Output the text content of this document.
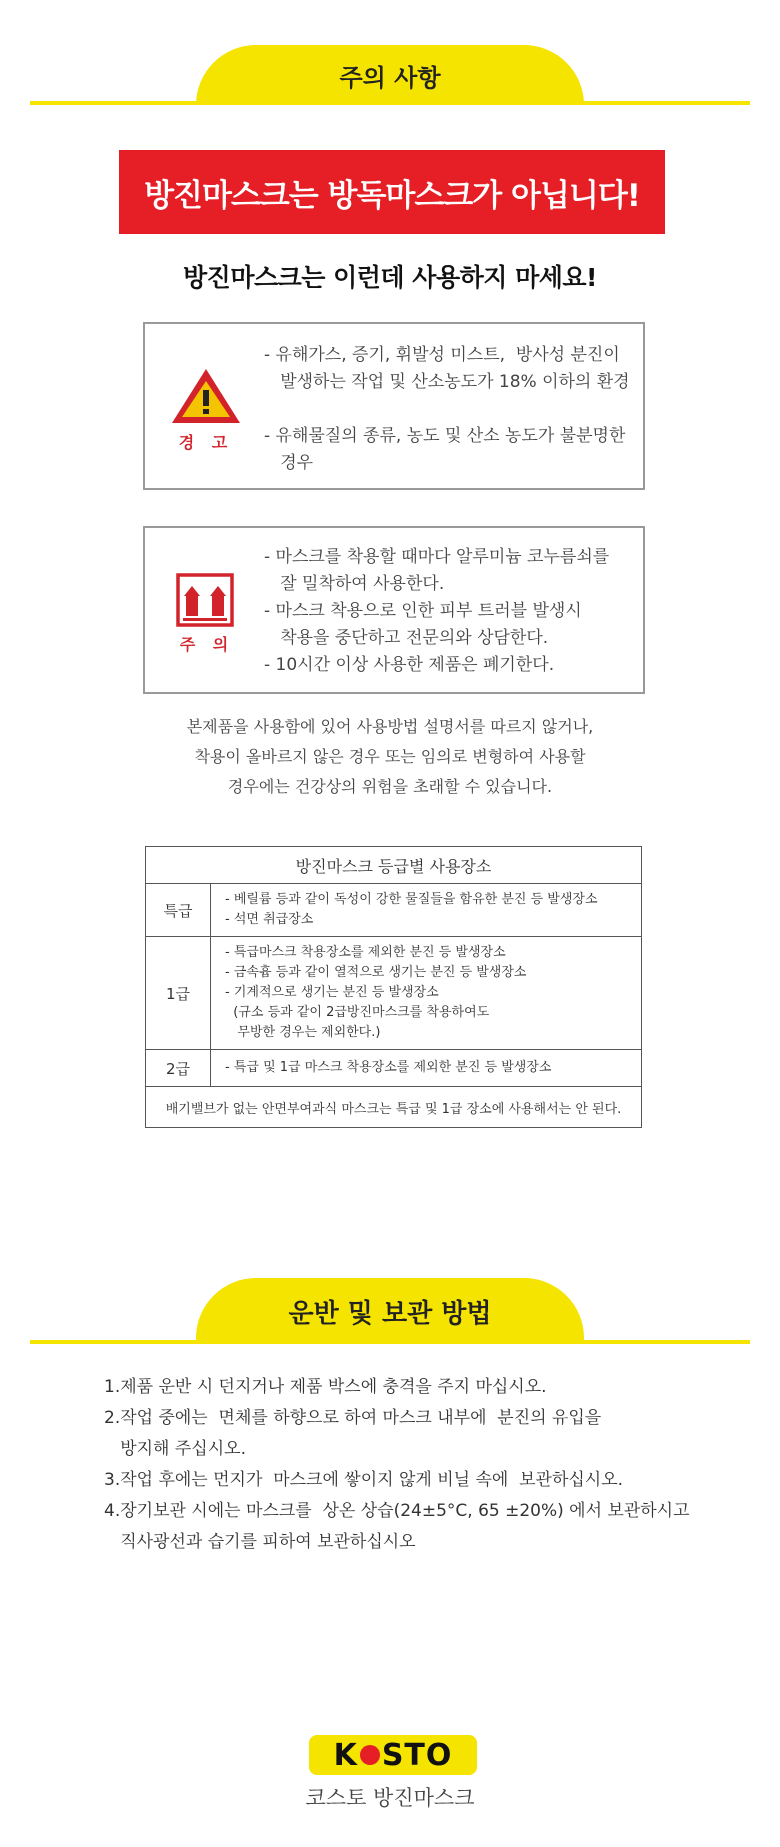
주의 사항
방진마스크는 방독마스크가 아닙니다!
방진마스크는 이런데 사용하지 마세요!
경 고
- 유해가스, 증기, 휘발성 미스트,  방사성 분진이
발생하는 작업 및 산소농도가 18% 이하의 환경
- 유해물질의 종류, 농도 및 산소 농도가 불분명한
경우
주 의
- 마스크를 착용할 때마다 알루미늄 코누름쇠를
잘 밀착하여 사용한다.
- 마스크 착용으로 인한 피부 트러블 발생시
착용을 중단하고 전문의와 상담한다.
- 10시간 이상 사용한 제품은 폐기한다.
본제품을 사용함에 있어 사용방법 설명서를 따르지 않거나,
착용이 올바르지 않은 경우 또는 임의로 변형하여 사용할
경우에는 건강상의 위험을 초래할 수 있습니다.
방진마스크 등급별 사용장소	
특급	- 베릴륨 등과 같이 독성이 강한 물질들을 함유한 분진 등 발생장소
- 석면 취급장소
1급	- 특급마스크 착용장소를 제외한 분진 등 발생장소
- 금속흄 등과 같이 열적으로 생기는 분진 등 발생장소
- 기계적으로 생기는 분진 등 발생장소
(규소 등과 같이 2급방진마스크를 착용하여도
무방한 경우는 제외한다.)
2급	- 특급 및 1급 마스크 착용장소를 제외한 분진 등 발생장소
배기밸브가 없는 안면부여과식 마스크는 특급 및 1급 장소에 사용해서는 안 된다.	
운반 및 보관 방법
1.제품 운반 시 던지거나 제품 박스에 충격을 주지 마십시오.
2.작업 중에는  면체를 하향으로 하여 마스크 내부에  분진의 유입을
방지해 주십시오.
3.작업 후에는 먼지가  마스크에 쌓이지 않게 비닐 속에  보관하십시오.
4.장기보관 시에는 마스크를  상온 상습(24±5°C, 65 ±20%) 에서 보관하시고
직사광선과 습기를 피하여 보관하십시오
K STO
코스토 방진마스크
